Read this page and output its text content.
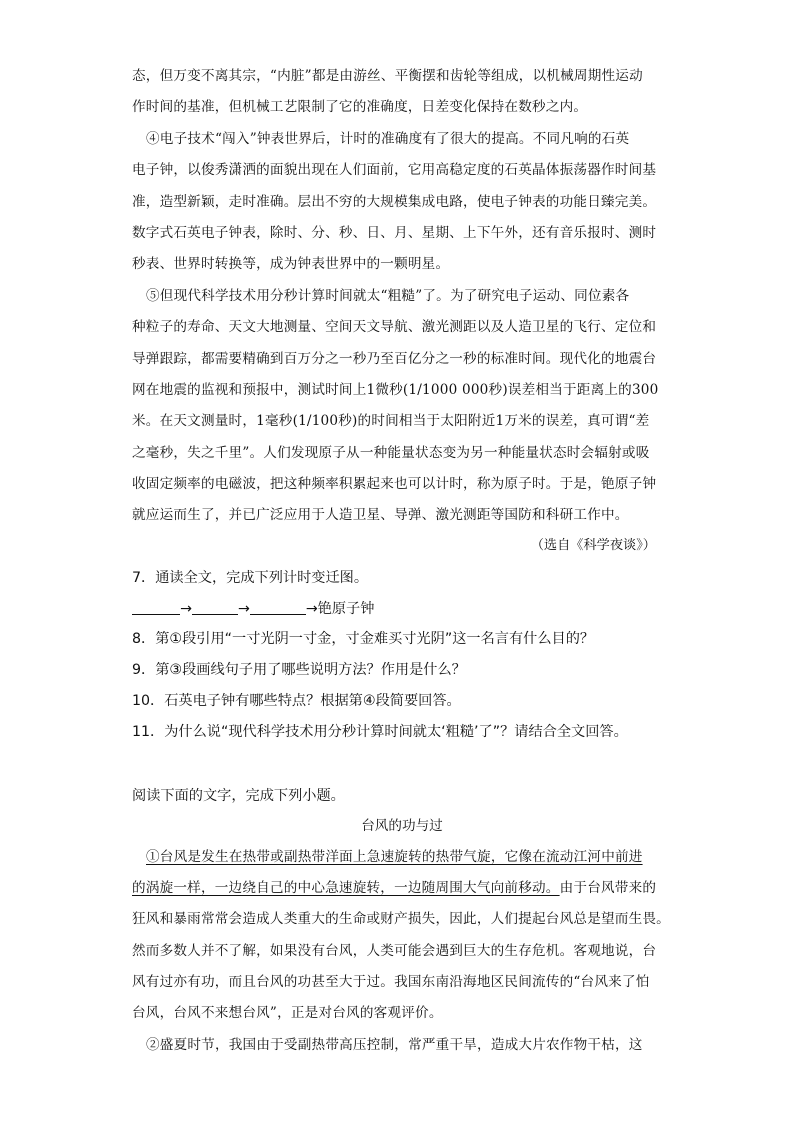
态，但万变不离其宗，“内脏”都是由游丝、平衡摆和齿轮等组成，以机械周期性运动
作时间的基准，但机械工艺限制了它的准确度，日差变化保持在数秒之内。
④电子技术“闯入”钟表世界后，计时的准确度有了很大的提高。不同凡响的石英
电子钟，以俊秀潇洒的面貌出现在人们面前，它用高稳定度的石英晶体振荡器作时间基
准，造型新颖，走时准确。层出不穷的大规模集成电路，使电子钟表的功能日臻完美。
数字式石英电子钟表，除时、分、秒、日、月、星期、上下午外，还有音乐报时、测时
秒表、世界时转换等，成为钟表世界中的一颗明星。
⑤但现代科学技术用分秒计算时间就太“粗糙”了。为了研究电子运动、同位素各
种粒子的寿命、天文大地测量、空间天文导航、激光测距以及人造卫星的飞行、定位和
导弹跟踪，都需要精确到百万分之一秒乃至百亿分之一秒的标准时间。现代化的地震台
网在地震的监视和预报中，测试时间上1微秒(1/1000 000秒)误差相当于距离上的300
米。在天文测量时，1毫秒(1/100秒)的时间相当于太阳附近1万米的误差，真可谓“差
之毫秒，失之千里”。人们发现原子从一种能量状态变为另一种能量状态时会辐射或吸
收固定频率的电磁波，把这种频率积累起来也可以计时，称为原子时。于是，铯原子钟
就应运而生了，并已广泛应用于人造卫星、导弹、激光测距等国防和科研工作中。
（选自《科学夜谈》）
7．通读全文，完成下列计时变迁图。
→	→	→铯原子钟
8．第①段引用“一寸光阴一寸金，寸金难买寸光阴”这一名言有什么目的？
9．第③段画线句子用了哪些说明方法？作用是什么？
10．石英电子钟有哪些特点？根据第④段简要回答。
11．为什么说“现代科学技术用分秒计算时间就太‘粗糙’了”？请结合全文回答。
阅读下面的文字，完成下列小题。
台风的功与过
①台风是发生在热带或副热带洋面上急速旋转的热带气旋，它像在流动江河中前进
的涡旋一样，一边绕自己的中心急速旋转，一边随周围大气向前移动。由于台风带来的
狂风和暴雨常常会造成人类重大的生命或财产损失，因此，人们提起台风总是望而生畏。
然而多数人并不了解，如果没有台风，人类可能会遇到巨大的生存危机。客观地说，台
风有过亦有功，而且台风的功甚至大于过。我国东南沿海地区民间流传的“台风来了怕
台风，台风不来想台风”，正是对台风的客观评价。
②盛夏时节，我国由于受副热带高压控制，常严重干旱，造成大片农作物干枯，这
